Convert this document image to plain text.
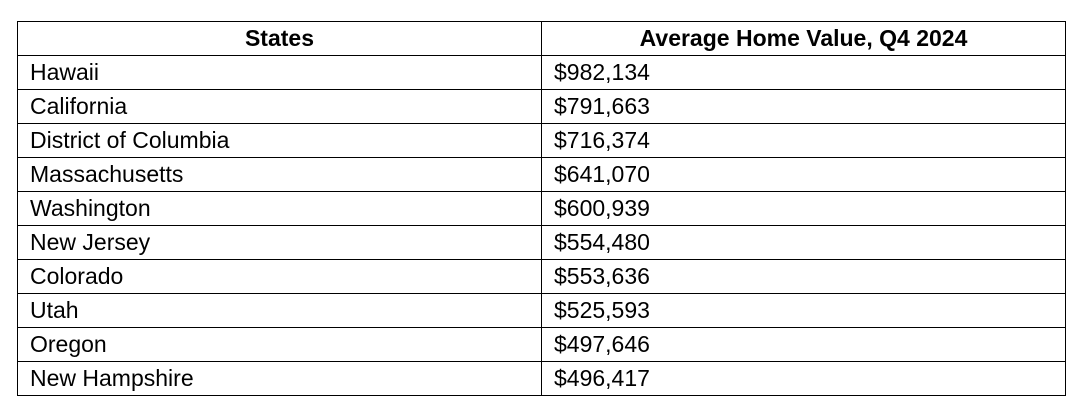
States	Average Home Value, Q4 2024
Hawaii	$982,134
California	$791,663
District of Columbia	$716,374
Massachusetts	$641,070
Washington	$600,939
New Jersey	$554,480
Colorado	$553,636
Utah	$525,593
Oregon	$497,646
New Hampshire	$496,417
